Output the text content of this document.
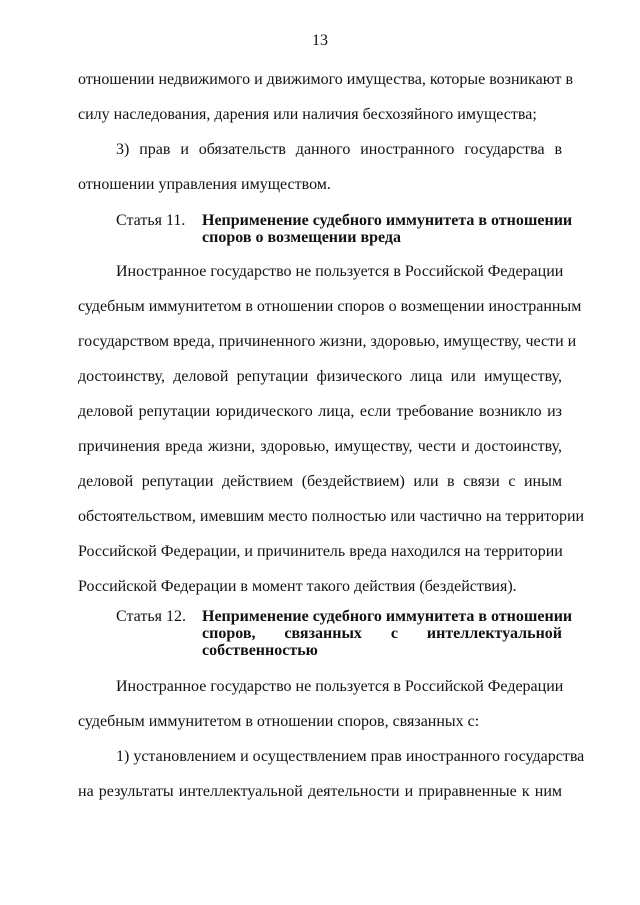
13
отношении недвижимого и движимого имущества, которые возникают в
силу наследования, дарения или наличия бесхозяйного имущества;
3) прав и обязательств данного иностранного государства в
отношении управления имуществом.
Статья 11. Неприменение судебного иммунитета в отношении
споров о возмещении вреда
Иностранное государство не пользуется в Российской Федерации
судебным иммунитетом в отношении споров о возмещении иностранным
государством вреда, причиненного жизни, здоровью, имуществу, чести и
достоинству, деловой репутации физического лица или имуществу,
деловой репутации юридического лица, если требование возникло из
причинения вреда жизни, здоровью, имуществу, чести и достоинству,
деловой репутации действием (бездействием) или в связи с иным
обстоятельством, имевшим место полностью или частично на территории
Российской Федерации, и причинитель вреда находился на территории
Российской Федерации в момент такого действия (бездействия).
Статья 12. Неприменение судебного иммунитета в отношении
споров, связанных с интеллектуальной
собственностью
Иностранное государство не пользуется в Российской Федерации
судебным иммунитетом в отношении споров, связанных с:
1) установлением и осуществлением прав иностранного государства
на результаты интеллектуальной деятельности и приравненные к ним
